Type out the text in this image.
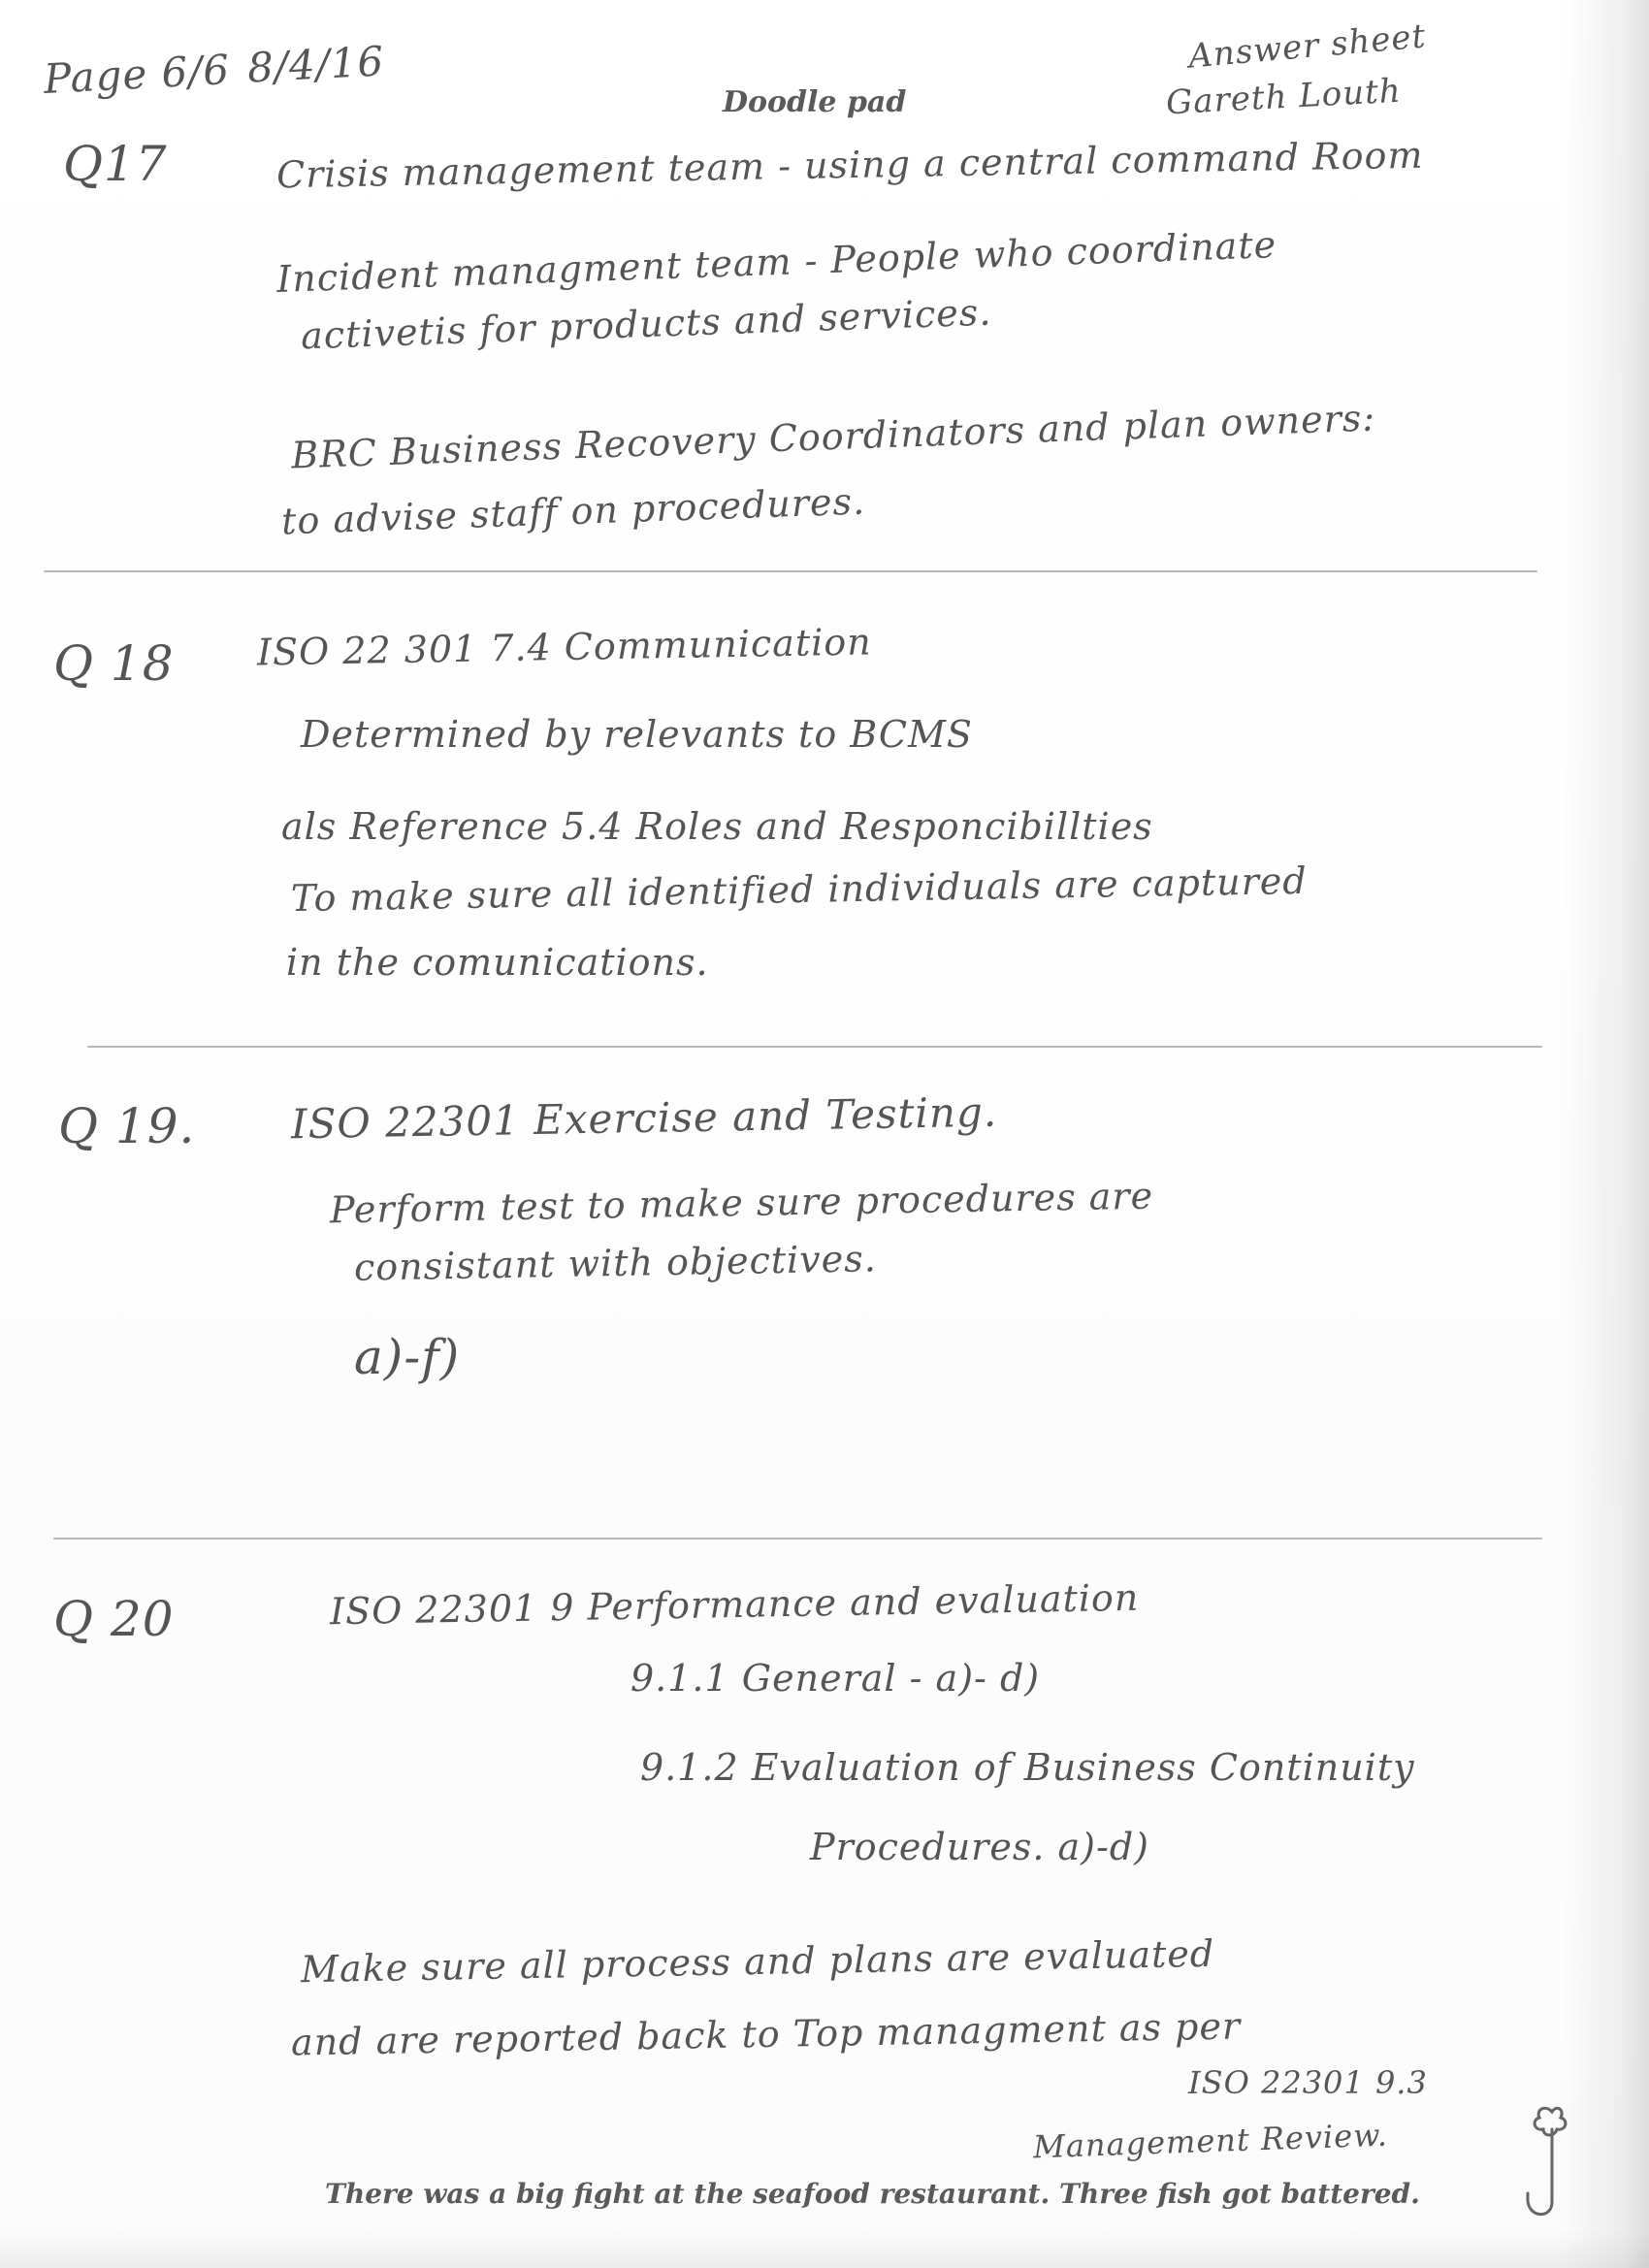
Page 6/6 8/4/16
Doodle pad
Answer sheet
Gareth Louth
Q17	Crisis management team - using a central command Room
Incident managment team - People who coordinate
activetis for products and services.
BRC Business Recovery Coordinators and plan owners:
to advise staff on procedures.
Q 18 ISO 22 301 7.4 Communication
Determined by relevants to BCMS
als Reference 5.4 Roles and Responcibillties
To make sure all identified individuals are captured
in the comunications.
Q 19. ISO 22301 Exercise and Testing.
Perform test to make sure procedures are
consistant with objectives.
a)-f)
Q 20	ISO 22301 9 Performance and evaluation
9.1.1 General - a)- d)
9.1.2 Evaluation of Business Continuity
Procedures. a)-d)
Make sure all process and plans are evaluated
and are reported back to Top managment as per
ISO 22301 9.3
Management Review.
There was a big fight at the seafood restaurant. Three fish got battered.
